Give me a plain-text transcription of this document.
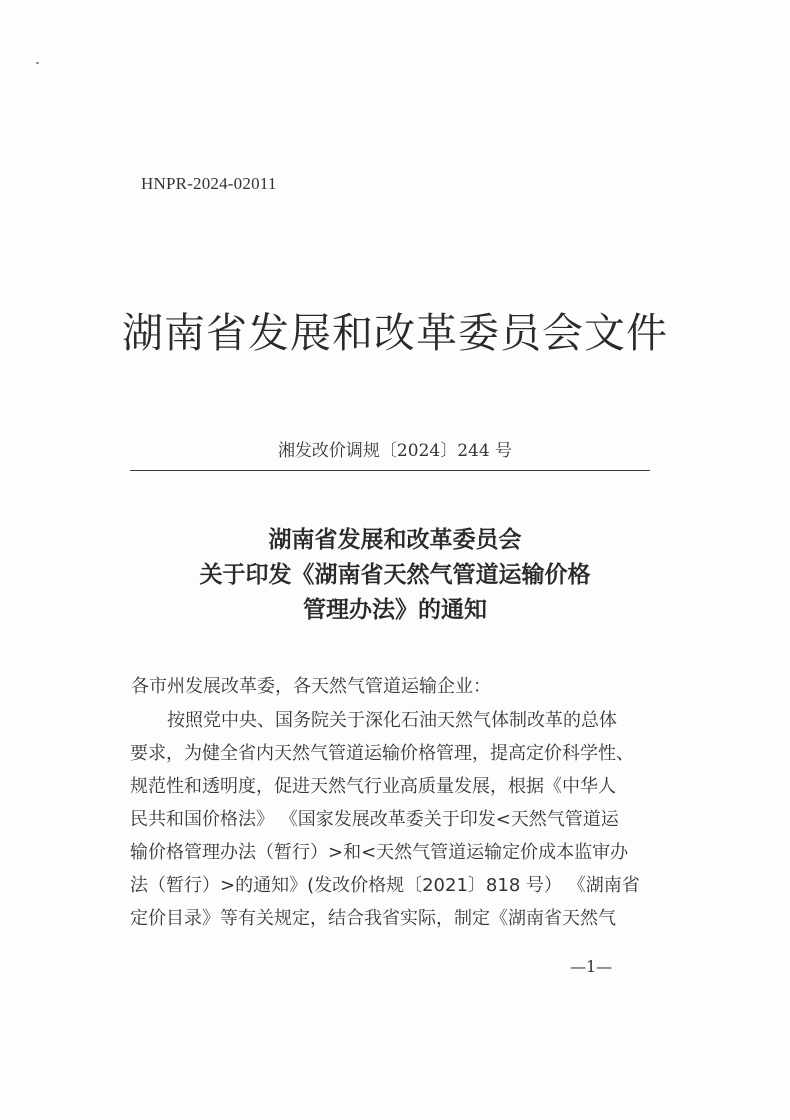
HNPR-2024-02011
湖南省发展和改革委员会文件
湘发改价调规〔2024〕244 号
湖南省发展和改革委员会
关于印发《湖南省天然气管道运输价格
管理办法》的通知
各市州发展改革委，各天然气管道运输企业：
按照党中央、国务院关于深化石油天然气体制改革的总体
要求，为健全省内天然气管道运输价格管理，提高定价科学性、
规范性和透明度，促进天然气行业高质量发展，根据《中华人
民共和国价格法》 《国家发展改革委关于印发<天然气管道运
输价格管理办法（暂行）>和<天然气管道运输定价成本监审办
法（暂行）>的通知》(发改价格规〔2021〕818 号） 《湖南省
定价目录》等有关规定，结合我省实际，制定《湖南省天然气
—1—
